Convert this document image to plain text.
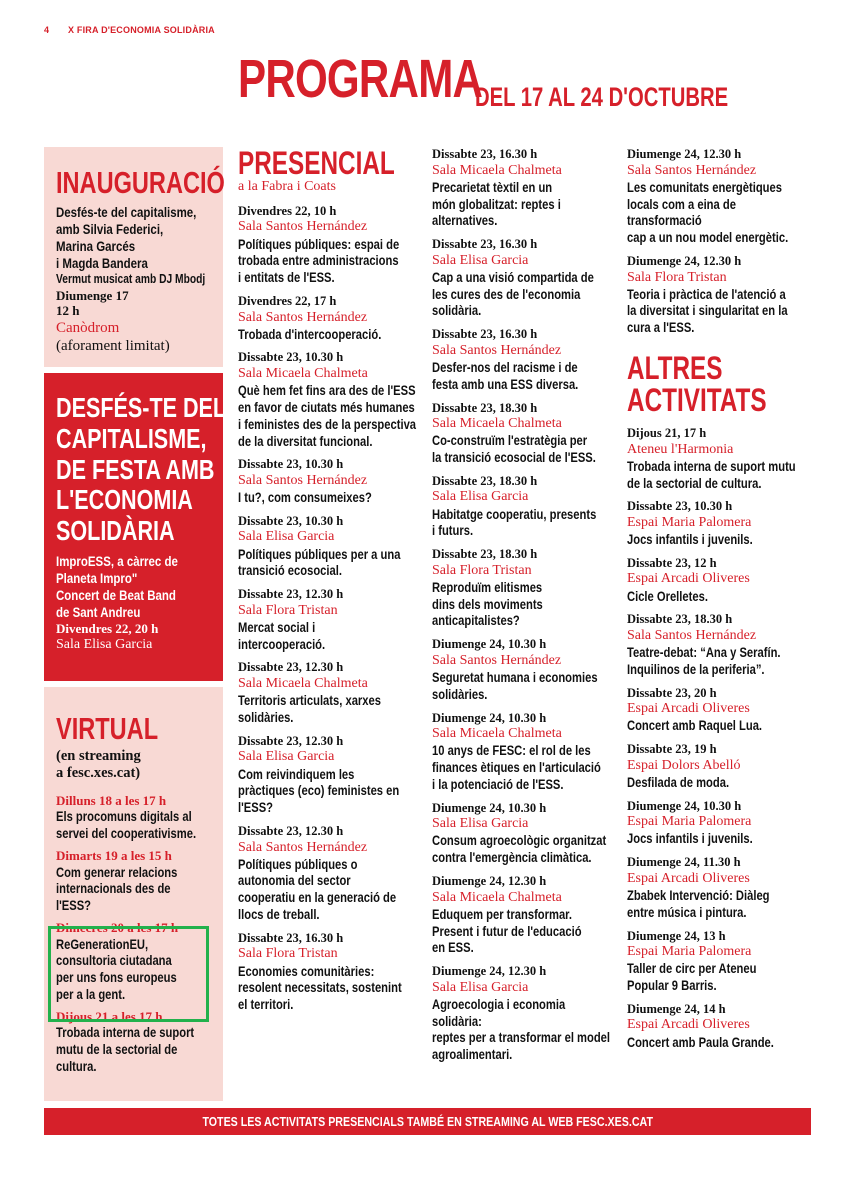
4 X FIRA D'ECONOMIA SOLIDÀRIA
PROGRAMA
DEL 17 AL 24 D'OCTUBRE
INAUGURACIÓ
Desfés-te del capitalisme,
amb Silvia Federici,
Marina Garcés
i Magda Bandera
Vermut musicat amb DJ Mbodj
Diumenge 17
12 h
Canòdrom
(aforament limitat)
DESFÉS-TE DEL
CAPITALISME,
DE FESTA AMB
L'ECONOMIA
SOLIDÀRIA
ImproESS, a càrrec de
Planeta Impro"
Concert de Beat Band
de Sant Andreu
Divendres 22, 20 h
Sala Elisa Garcia
VIRTUAL
(en streaming
a fesc.xes.cat)
Dilluns 18 a les 17 h
Els procomuns digitals al
servei del cooperativisme.
Dimarts 19 a les 15 h
Com generar relacions
internacionals des de
l'ESS?
Dimecres 20 a les 17 h
ReGenerationEU,
consultoria ciutadana
per uns fons europeus
per a la gent.
Dijous 21 a les 17 h
Trobada interna de suport
mutu de la sectorial de
cultura.
PRESENCIAL
a la Fabra i Coats
Divendres 22, 10 h
Sala Santos Hernández
Polítiques públiques: espai de
trobada entre administracions
i entitats de l'ESS.
Divendres 22, 17 h
Sala Santos Hernández
Trobada d'intercooperació.
Dissabte 23, 10.30 h
Sala Micaela Chalmeta
Què hem fet fins ara des de l'ESS
en favor de ciutats més humanes
i feministes des de la perspectiva
de la diversitat funcional.
Dissabte 23, 10.30 h
Sala Santos Hernández
I tu?, com consumeixes?
Dissabte 23, 10.30 h
Sala Elisa Garcia
Polítiques públiques per a una
transició ecosocial.
Dissabte 23, 12.30 h
Sala Flora Tristan
Mercat social i
intercooperació.
Dissabte 23, 12.30 h
Sala Micaela Chalmeta
Territoris articulats, xarxes
solidàries.
Dissabte 23, 12.30 h
Sala Elisa Garcia
Com reivindiquem les
pràctiques (eco) feministes en
l'ESS?
Dissabte 23, 12.30 h
Sala Santos Hernández
Polítiques públiques o
autonomia del sector
cooperatiu en la generació de
llocs de treball.
Dissabte 23, 16.30 h
Sala Flora Tristan
Economies comunitàries:
resolent necessitats, sostenint
el territori.
Dissabte 23, 16.30 h
Sala Micaela Chalmeta
Precarietat tèxtil en un
món globalitzat: reptes i
alternatives.
Dissabte 23, 16.30 h
Sala Elisa Garcia
Cap a una visió compartida de
les cures des de l'economia
solidària.
Dissabte 23, 16.30 h
Sala Santos Hernández
Desfer-nos del racisme i de
festa amb una ESS diversa.
Dissabte 23, 18.30 h
Sala Micaela Chalmeta
Co-construïm l'estratègia per
la transició ecosocial de l'ESS.
Dissabte 23, 18.30 h
Sala Elisa Garcia
Habitatge cooperatiu, presents
i futurs.
Dissabte 23, 18.30 h
Sala Flora Tristan
Reproduïm elitismes
dins dels moviments
anticapitalistes?
Diumenge 24, 10.30 h
Sala Santos Hernández
Seguretat humana i economies
solidàries.
Diumenge 24, 10.30 h
Sala Micaela Chalmeta
10 anys de FESC: el rol de les
finances ètiques en l'articulació
i la potenciació de l'ESS.
Diumenge 24, 10.30 h
Sala Elisa Garcia
Consum agroecològic organitzat
contra l'emergència climàtica.
Diumenge 24, 12.30 h
Sala Micaela Chalmeta
Eduquem per transformar.
Present i futur de l'educació
en ESS.
Diumenge 24, 12.30 h
Sala Elisa Garcia
Agroecologia i economia solidària:
reptes per a transformar el model
agroalimentari.
Diumenge 24, 12.30 h
Sala Santos Hernández
Les comunitats energètiques
locals com a eina de transformació
cap a un nou model energètic.
Diumenge 24, 12.30 h
Sala Flora Tristan
Teoria i pràctica de l'atenció a
la diversitat i singularitat en la
cura a l'ESS.
ALTRES
ACTIVITATS
Dijous 21, 17 h
Ateneu l'Harmonia
Trobada interna de suport mutu
de la sectorial de cultura.
Dissabte 23, 10.30 h
Espai Maria Palomera
Jocs infantils i juvenils.
Dissabte 23, 12 h
Espai Arcadi Oliveres
Cicle Orelletes.
Dissabte 23, 18.30 h
Sala Santos Hernández
Teatre-debat: “Ana y Serafín.
Inquilinos de la periferia”.
Dissabte 23, 20 h
Espai Arcadi Oliveres
Concert amb Raquel Lua.
Dissabte 23, 19 h
Espai Dolors Abelló
Desfilada de moda.
Diumenge 24, 10.30 h
Espai Maria Palomera
Jocs infantils i juvenils.
Diumenge 24, 11.30 h
Espai Arcadi Oliveres
Zbabek Intervenció: Diàleg
entre música i pintura.
Diumenge 24, 13 h
Espai Maria Palomera
Taller de circ per Ateneu
Popular 9 Barris.
Diumenge 24, 14 h
Espai Arcadi Oliveres
Concert amb Paula Grande.
TOTES LES ACTIVITATS PRESENCIALS TAMBÉ EN STREAMING AL WEB FESC.XES.CAT
